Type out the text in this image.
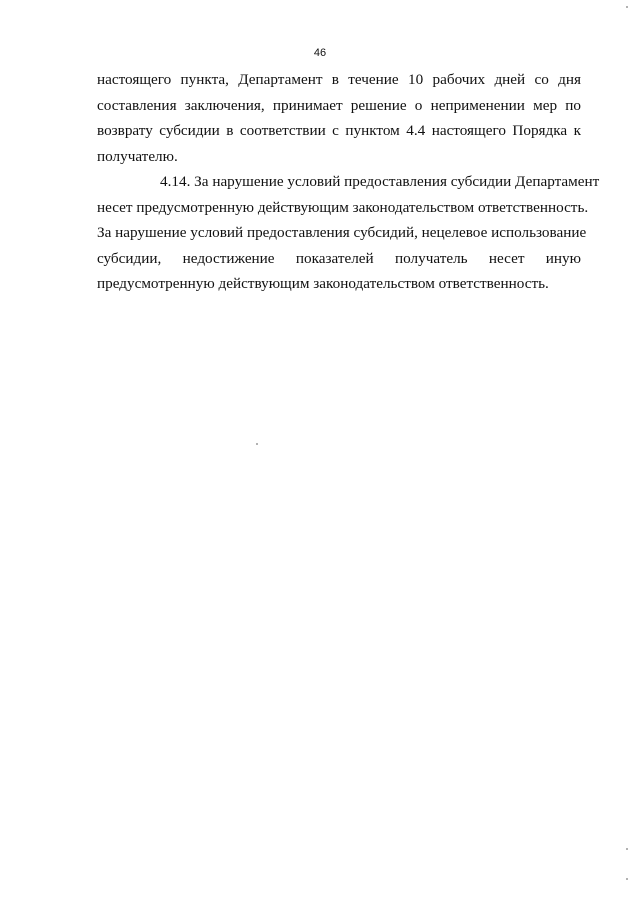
46

настоящего пункта, Департамент в течение 10 рабочих дней со дня
составления заключения, принимает решение о неприменении мер по
возврату субсидии в соответствии с пунктом 4.4 настоящего Порядка к
получателю.

4.14. За нарушение условий предоставления субсидии Департамент
несет предусмотренную действующим законодательством ответственность.
За нарушение условий предоставления субсидий, нецелевое использование
субсидии, недостижение показателей получатель несет иную
предусмотренную действующим законодательством ответственность.
